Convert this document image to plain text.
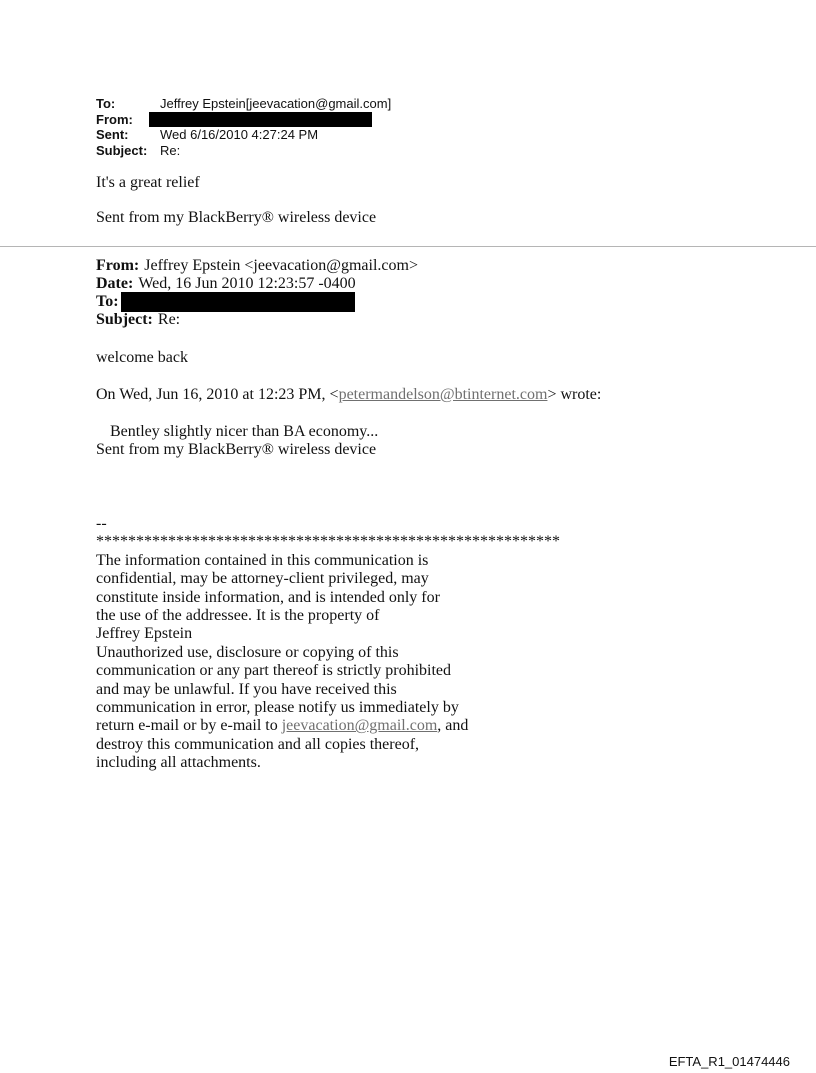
To:	Jeffrey Epstein[jeevacation@gmail.com]
From:
Sent:	Wed 6/16/2010 4:27:24 PM
Subject: Re:
It's a great relief
Sent from my BlackBerry® wireless device
From: Jeffrey Epstein <jeevacation@gmail.com>
Date: Wed, 16 Jun 2010 12:23:57 -0400
To:
Subject: Re:
welcome back
On Wed, Jun 16, 2010 at 12:23 PM, <petermandelson@btinternet.com> wrote:
Bentley slightly nicer than BA economy...
Sent from my BlackBerry® wireless device
--
**********************************************************
The information contained in this communication is
confidential, may be attorney-client privileged, may
constitute inside information, and is intended only for
the use of the addressee. It is the property of
Jeffrey Epstein
Unauthorized use, disclosure or copying of this
communication or any part thereof is strictly prohibited
and may be unlawful. If you have received this
communication in error, please notify us immediately by
return e-mail or by e-mail to jeevacation@gmail.com, and
destroy this communication and all copies thereof,
including all attachments.
EFTA_R1_01474446
